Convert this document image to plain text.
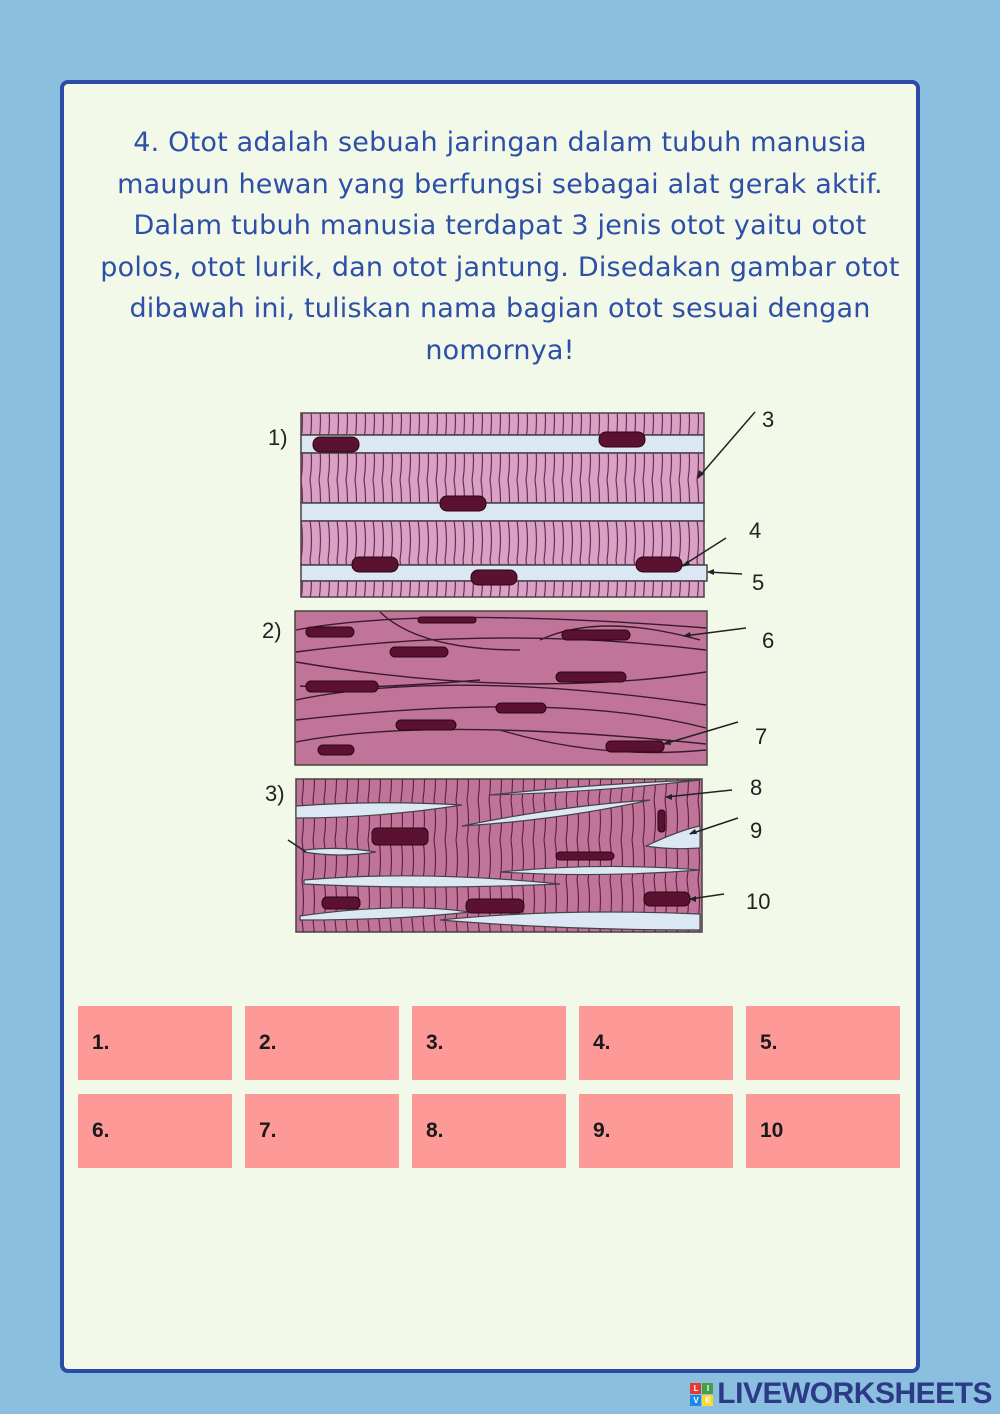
4. Otot adalah sebuah jaringan dalam tubuh manusia maupun hewan yang berfungsi sebagai alat gerak aktif. Dalam tubuh manusia terdapat 3 jenis otot yaitu otot polos, otot lurik, dan otot jantung. Disedakan gambar otot dibawah ini, tuliskan nama bagian otot sesuai dengan nomornya!
1)
2)
3)
3
4
5
6
7
8
9
10
1.	2.	3.	4.	5.
6.	7.	8.	9.	10
L	I
V E LIVEWORKSHEETS
